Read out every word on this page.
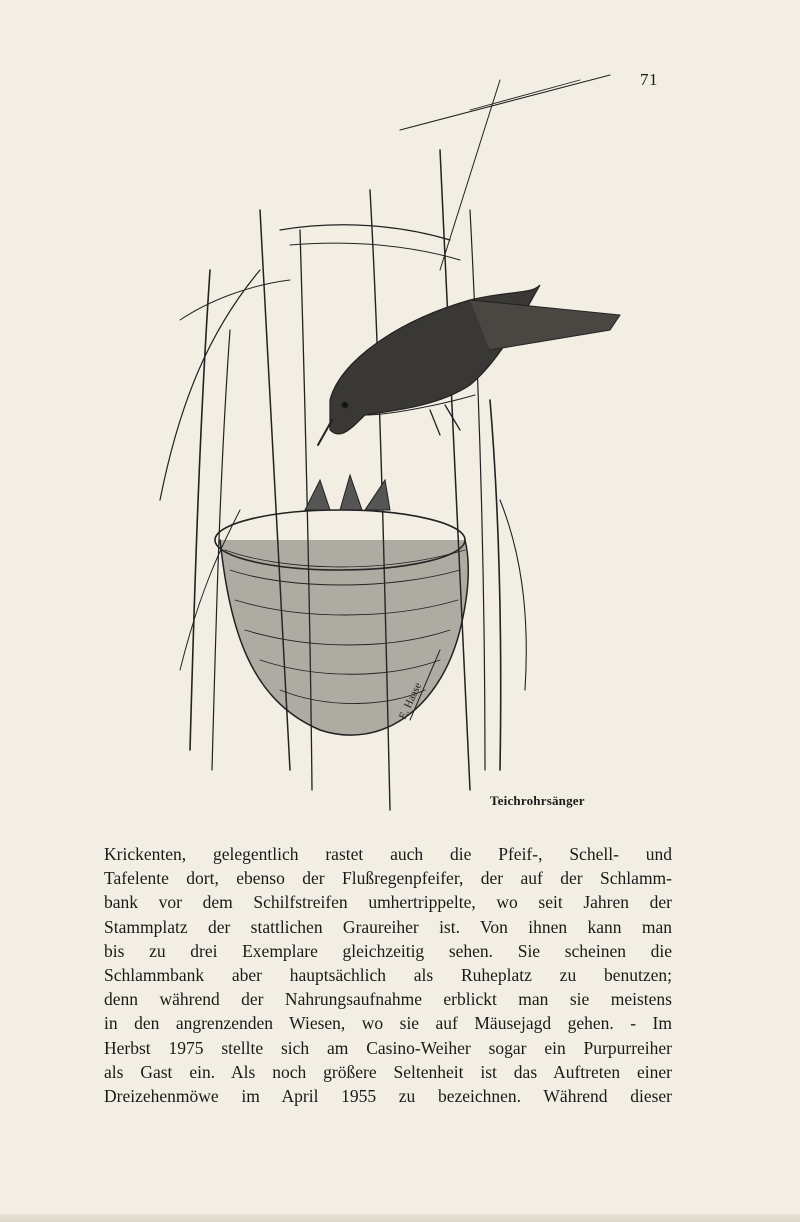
71
E. Haase
Teichrohrsänger
Krickenten, gelegentlich rastet auch die Pfeif-, Schell- und
Tafelente dort, ebenso der Flußregenpfeifer, der auf der Schlamm-
bank vor dem Schilfstreifen umhertrippelte, wo seit Jahren der
Stammplatz der stattlichen Graureiher ist. Von ihnen kann man
bis zu drei Exemplare gleichzeitig sehen. Sie scheinen die
Schlammbank aber hauptsächlich als Ruheplatz zu benutzen;
denn während der Nahrungsaufnahme erblickt man sie meistens
in den angrenzenden Wiesen, wo sie auf Mäusejagd gehen. - Im
Herbst 1975 stellte sich am Casino-Weiher sogar ein Purpurreiher
als Gast ein. Als noch größere Seltenheit ist das Auftreten einer
Dreizehenmöwe im April 1955 zu bezeichnen. Während dieser
